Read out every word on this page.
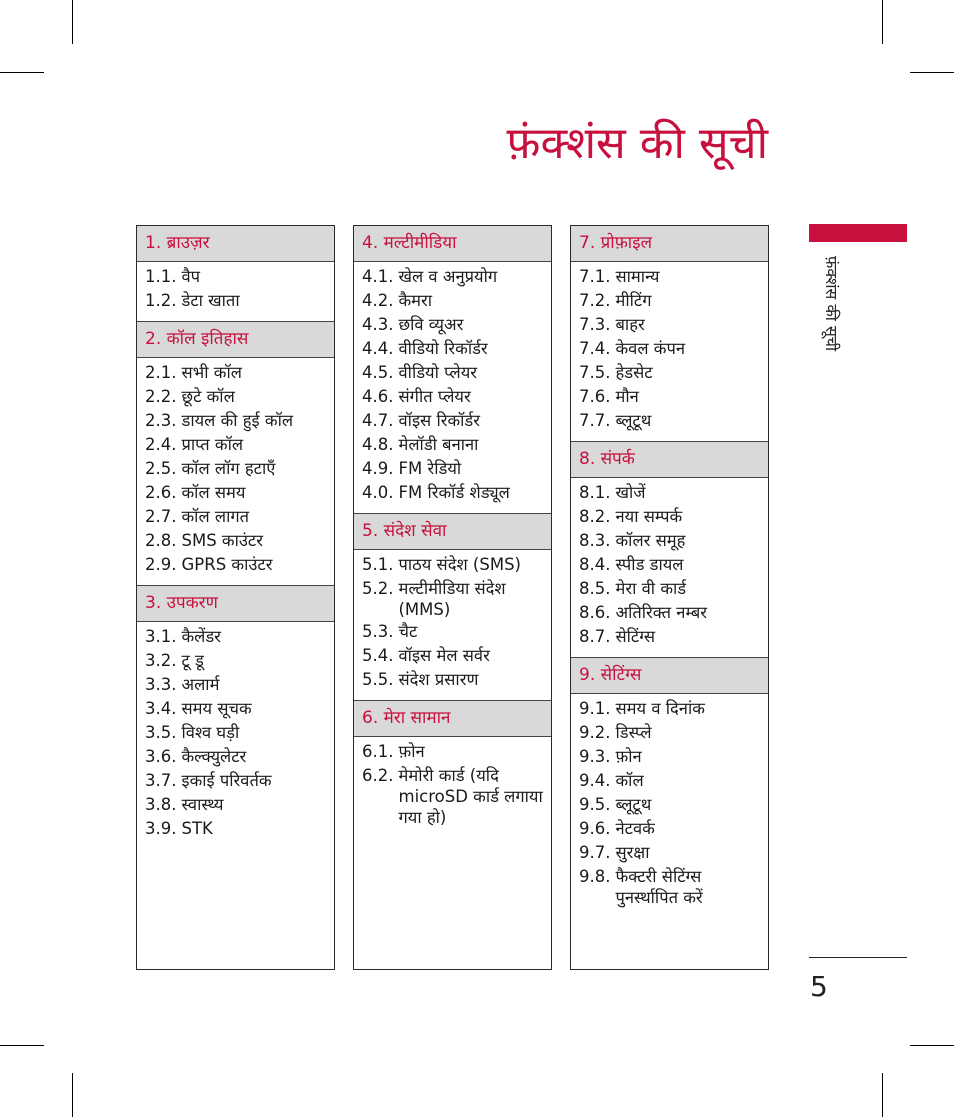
फ़ंक्शंस की सूची
1. ब्राउज़र
1.1. वैप
1.2. डेटा खाता
2. कॉल इतिहास
2.1. सभी कॉल
2.2. छूटे कॉल
2.3. डायल की हुई कॉल
2.4. प्राप्त कॉल
2.5. कॉल लॉग हटाएँ
2.6. कॉल समय
2.7. कॉल लागत
2.8. SMS काउंटर
2.9. GPRS काउंटर
3. उपकरण
3.1. कैलेंडर
3.2. टू डू
3.3. अलार्म
3.4. समय सूचक
3.5. विश्व घड़ी
3.6. कैल्क्युलेटर
3.7. इकाई परिवर्तक
3.8. स्वास्थ्य
3.9. STK
4. मल्टीमीडिया
4.1. खेल व अनुप्रयोग
4.2. कैमरा
4.3. छवि व्यूअर
4.4. वीडियो रिकॉर्डर
4.5. वीडियो प्लेयर
4.6. संगीत प्लेयर
4.7. वॉइस रिकॉर्डर
4.8. मेलॉडी बनाना
4.9. FM रेडियो
4.0. FM रिकॉर्ड शेड्यूल
5. संदेश सेवा
5.1. पाठय संदेश (SMS)
5.2. मल्टीमीडिया संदेश (MMS)
5.3. चैट
5.4. वॉइस मेल सर्वर
5.5. संदेश प्रसारण
6. मेरा सामान
6.1. फ़ोन
6.2. मेमोरी कार्ड (यदि microSD कार्ड लगाया गया हो)
7. प्रोफ़ाइल
7.1. सामान्य
7.2. मीटिंग
7.3. बाहर
7.4. केवल कंपन
7.5. हेडसेट
7.6. मौन
7.7. ब्लूटूथ
8. संपर्क
8.1. खोजें
8.2. नया सम्पर्क
8.3. कॉलर समूह
8.4. स्पीड डायल
8.5. मेरा वी कार्ड
8.6. अतिरिक्त नम्बर
8.7. सेटिंग्स
9. सेटिंग्स
9.1. समय व दिनांक
9.2. डिस्प्ले
9.3. फ़ोन
9.4. कॉल
9.5. ब्लूटूथ
9.6. नेटवर्क
9.7. सुरक्षा
9.8. फैक्टरी सेटिंग्स पुनर्स्थापित करें
फ़ंक्शंस की सूची
5
